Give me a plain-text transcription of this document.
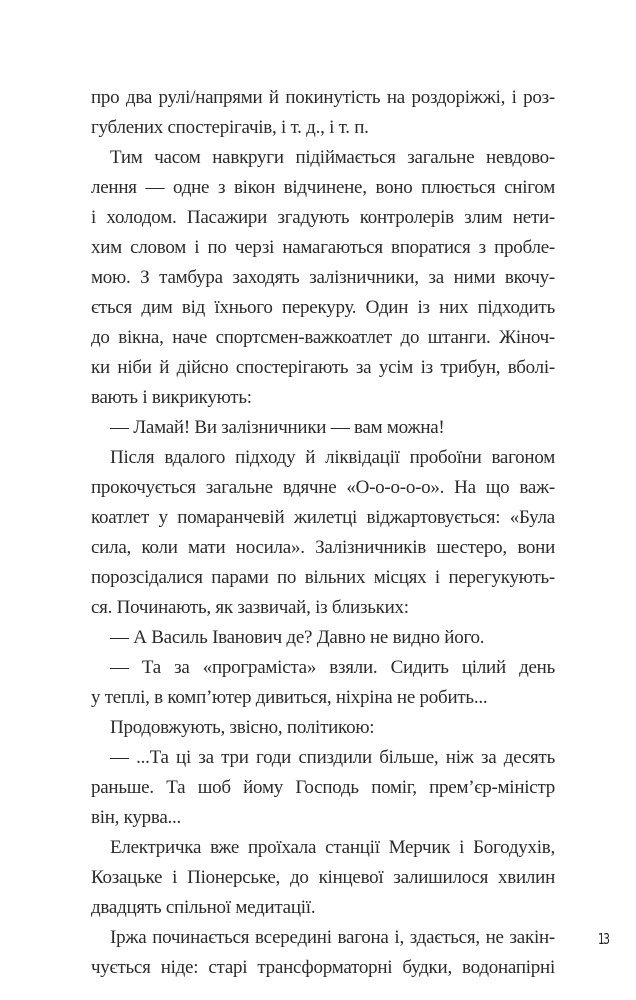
про два рулі/напрями й покинутість на роздоріжжі, і роз-
гублених спостерігачів, і т. д., і т. п.
Тим часом навкруги підіймається загальне невдово-
лення — одне з вікон відчинене, воно плюється снігом
і холодом. Пасажири згадують контролерів злим нети-
хим словом і по черзі намагаються впоратися з пробле-
мою. З тамбура заходять залізничники, за ними вкочу-
ється дим від їхнього перекуру. Один із них підходить
до вікна, наче спортсмен-важкоатлет до штанги. Жіноч-
ки ніби й дійсно спостерігають за усім із трибун, вболі-
вають і викрикують:
— Ламай! Ви залізничники — вам можна!
Після вдалого підходу й ліквідації пробоїни вагоном
прокочується загальне вдячне «О-о-о-о-о». На що важ-
коатлет у помаранчевій жилетці віджартовується: «Була
сила, коли мати носила». Залізничників шестеро, вони
порозсідалися парами по вільних місцях і перегукують-
ся. Починають, як зазвичай, із близьких:
— А Василь Іванович де? Давно не видно його.
— Та за «програміста» взяли. Сидить цілий день
у теплі, в комп’ютер дивиться, ніхріна не робить...
Продовжують, звісно, політикою:
— ...Та ці за три годи спиздили більше, ніж за десять
раньше. Та шоб йому Господь поміг, прем’єр-міністр
він, курва...
Електричка вже проїхала станції Мерчик і Богодухів,
Козацьке і Піонерське, до кінцевої залишилося хвилин
двадцять спільної медитації.
Іржа починається всередині вагона і, здається, не закін-
чується ніде: старі трансформаторні будки, водонапірні
13
